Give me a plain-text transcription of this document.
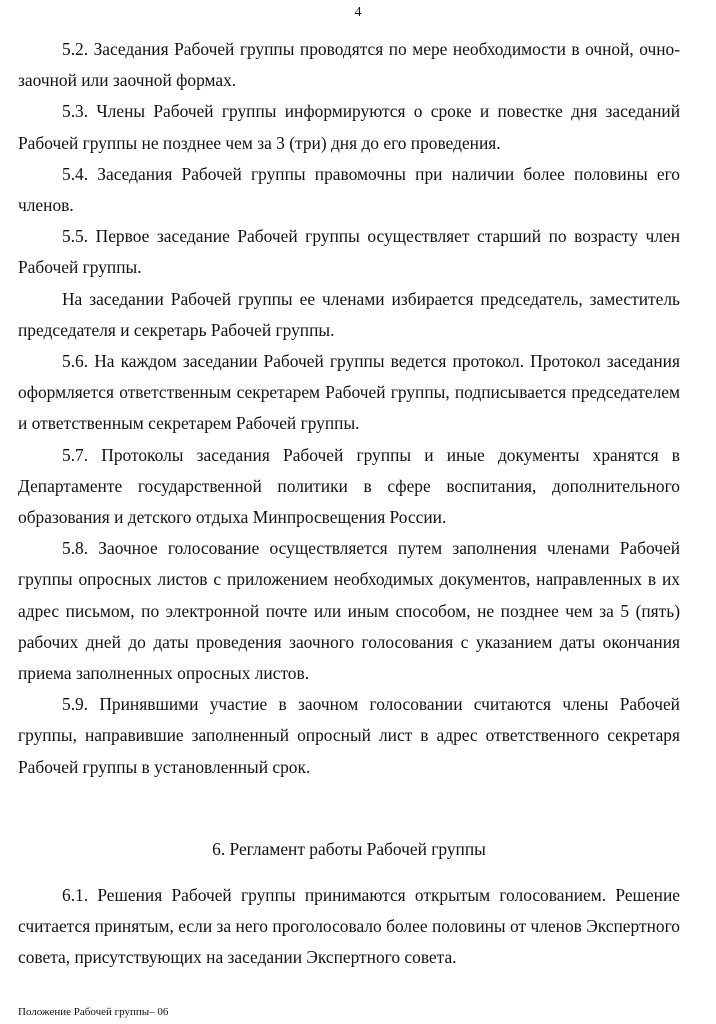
4

5.2. Заседания Рабочей группы проводятся по мере необходимости в очной, очно-заочной или заочной формах.

5.3. Члены Рабочей группы информируются о сроке и повестке дня заседаний Рабочей группы не позднее чем за 3 (три) дня до его проведения.

5.4. Заседания Рабочей группы правомочны при наличии более половины его членов.

5.5. Первое заседание Рабочей группы осуществляет старший по возрасту член Рабочей группы.

На заседании Рабочей группы ее членами избирается председатель, заместитель председателя и секретарь Рабочей группы.

5.6. На каждом заседании Рабочей группы ведется протокол. Протокол заседания оформляется ответственным секретарем Рабочей группы, подписывается председателем и ответственным секретарем Рабочей группы.

5.7. Протоколы заседания Рабочей группы и иные документы хранятся в Департаменте государственной политики в сфере воспитания, дополнительного образования и детского отдыха Минпросвещения России.

5.8. Заочное голосование осуществляется путем заполнения членами Рабочей группы опросных листов с приложением необходимых документов, направленных в их адрес письмом, по электронной почте или иным способом, не позднее чем за 5 (пять) рабочих дней до даты проведения заочного голосования с указанием даты окончания приема заполненных опросных листов.

5.9. Принявшими участие в заочном голосовании считаются члены Рабочей группы, направившие заполненный опросный лист в адрес ответственного секретаря Рабочей группы в установленный срок.

6. Регламент работы Рабочей группы

6.1. Решения Рабочей группы принимаются открытым голосованием. Решение считается принятым, если за него проголосовало более половины от членов Экспертного совета, присутствующих на заседании Экспертного совета.

Положение Рабочей группы– 06
